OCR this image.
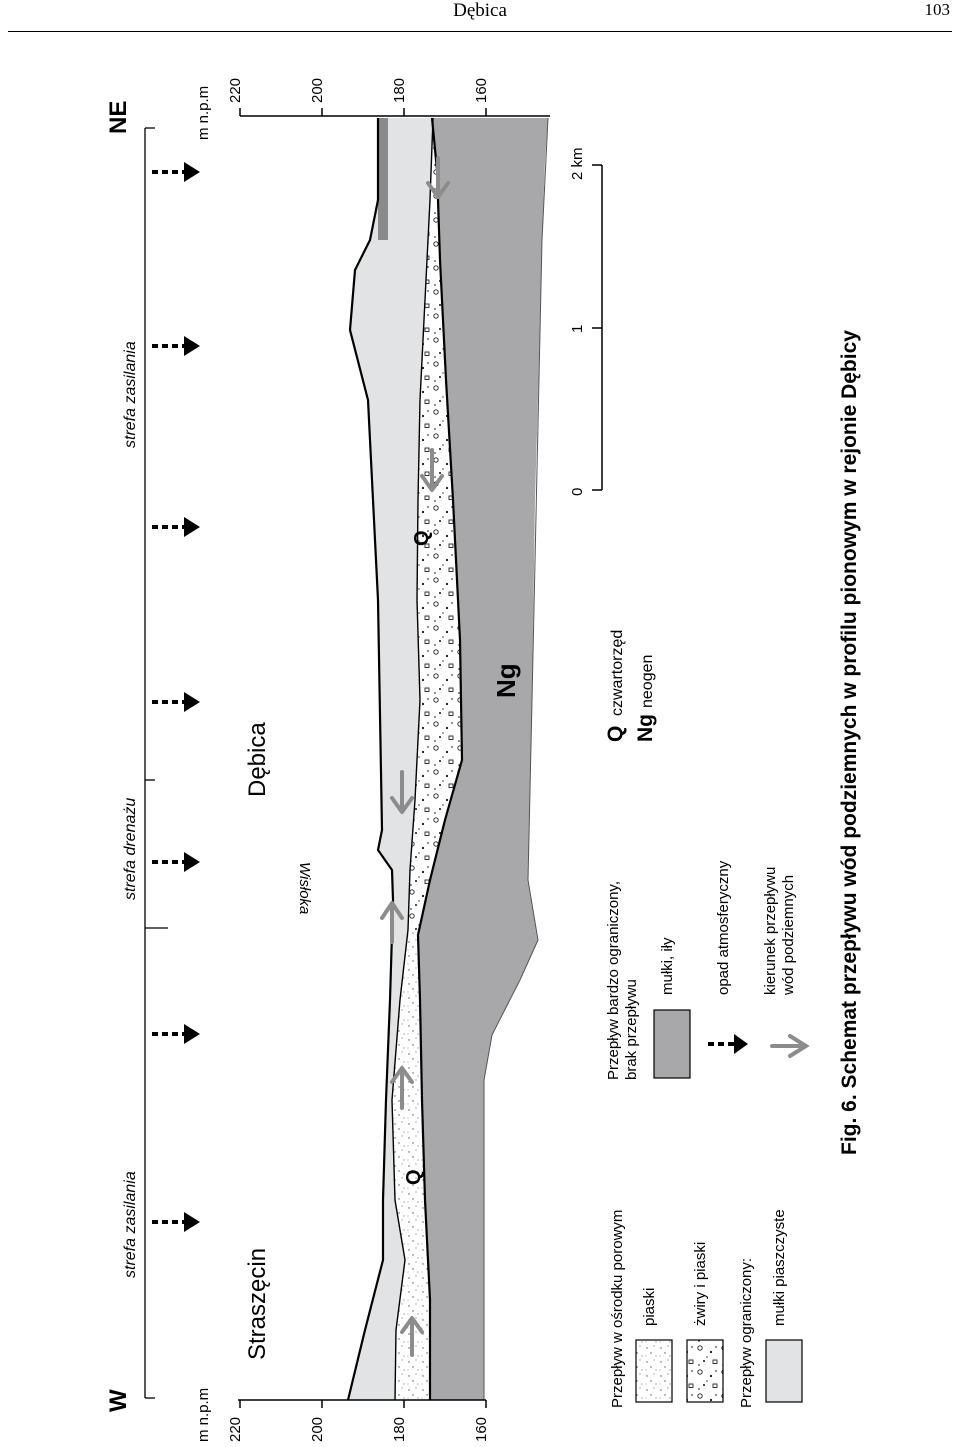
Dębica	103
220	200	180	160
m n.p.m
220	200	180	160
m n.p.m
strefa zasilania
strefa drenażu
strefa zasilania
NE
W
Straszęcin
Dębica
Wisłoka
Q
Q
Ng
0
1
2 km
Przepływ w ośrodku porowym piaski żwiry i piaski Przepływ ograniczony: mułki piaszczyste
Przepływ bardzo ograniczony, brak przepływu
mułki, iły	opad atmosferyczny kierunek przepływu wód podziemnych
Q
czwartorzęd
Ng
neogen	Fig. 6. Schemat przepływu wód podziemnych w profilu pionowym w rejonie Dębicy
